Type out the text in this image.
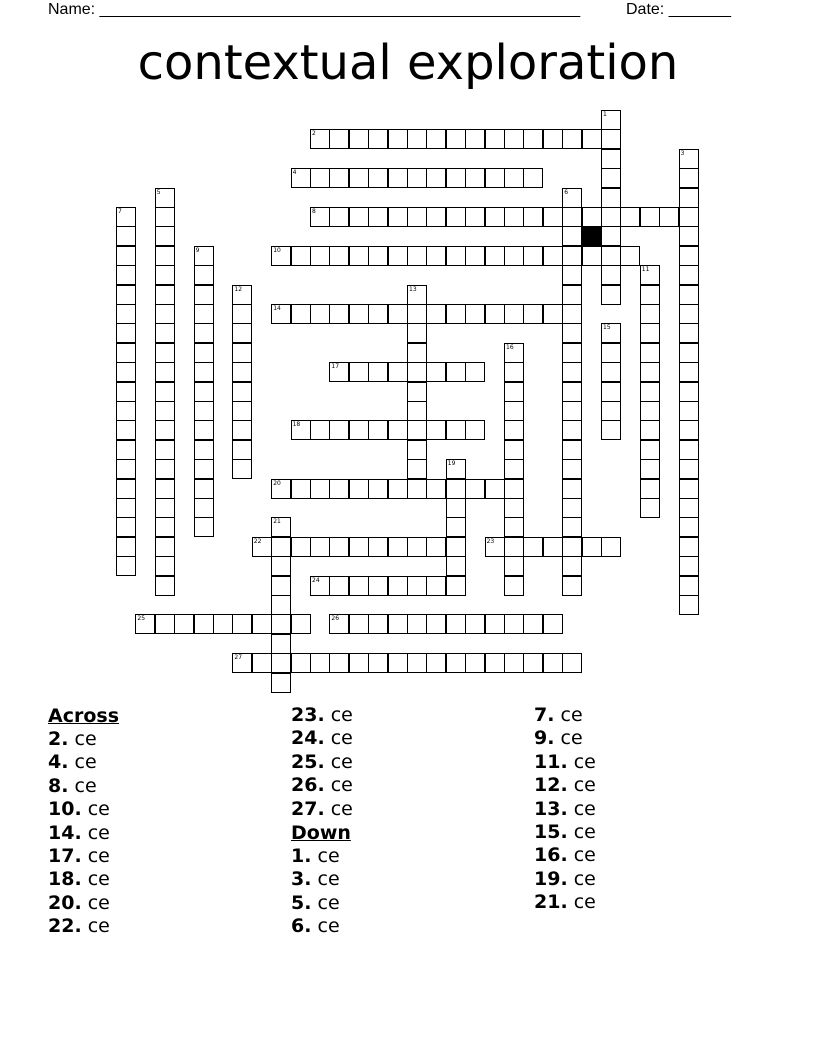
Name: ______________________________________________________	Date: _______
contextual exploration
1
2
3
4
5	6
7	8
9	10
11
12	13
14
15
16
17
18
19
20
21
22	23
24
25	26
27
Across
2. ce
4. ce
8. ce
10. ce
14. ce
17. ce
18. ce
20. ce
22. ce
23. ce
24. ce
25. ce
26. ce
27. ce
Down
1. ce
3. ce
5. ce
6. ce
7. ce
9. ce
11. ce
12. ce
13. ce
15. ce
16. ce
19. ce
21. ce
